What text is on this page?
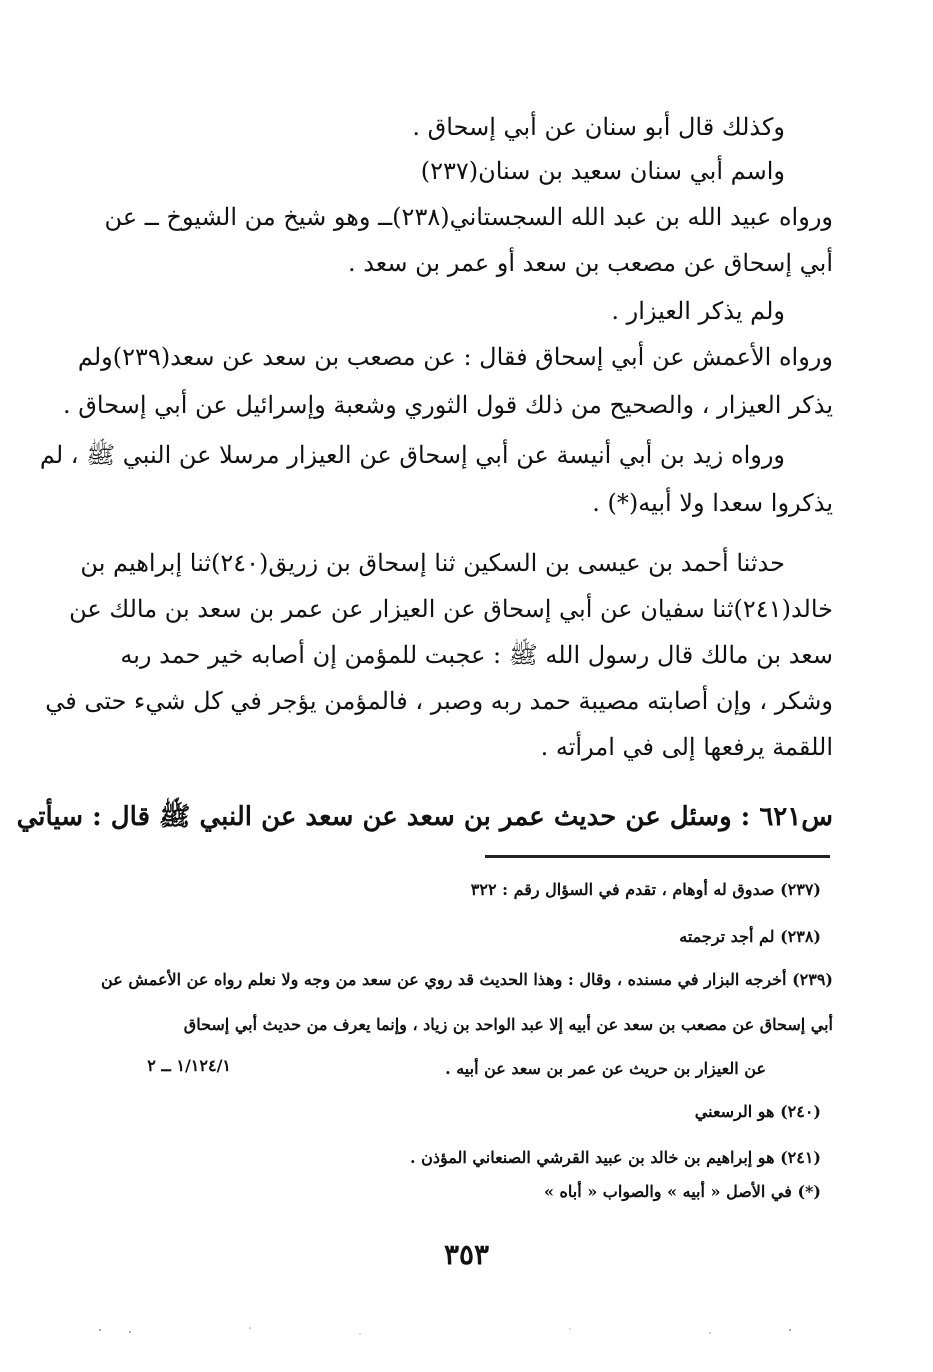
وكذلك قال أبو سنان عن أبي إسحاق .
واسم أبي سنان سعيد بن سنان(٢٣٧)
ورواه عبيد الله بن عبد الله السجستاني(٢٣٨)ــ وهو شيخ من الشيوخ ــ عن
أبي إسحاق عن مصعب بن سعد أو عمر بن سعد .
ولم يذكر العيزار .
ورواه الأعمش عن أبي إسحاق فقال : عن مصعب بن سعد عن سعد(٢٣٩)ولم
يذكر العيزار ، والصحيح من ذلك قول الثوري وشعبة وإسرائيل عن أبي إسحاق .
ورواه زيد بن أبي أنيسة عن أبي إسحاق عن العيزار مرسلا عن النبي ﷺ ، لم
يذكروا سعدا ولا أبيه(*) .
حدثنا أحمد بن عيسى بن السكين ثنا إسحاق بن زريق(٢٤٠)ثنا إبراهيم بن
خالد(٢٤١)ثنا سفيان عن أبي إسحاق عن العيزار عن عمر بن سعد بن مالك عن
سعد بن مالك قال رسول الله ﷺ : عجبت للمؤمن إن أصابه خير حمد ربه
وشكر ، وإن أصابته مصيبة حمد ربه وصبر ، فالمؤمن يؤجر في كل شيء حتى في
اللقمة يرفعها إلى في امرأته .
س٦٢١ : وسئل عن حديث عمر بن سعد عن سعد عن النبي ﷺ قال : سيأتي
(٢٣٧) صدوق له أوهام ، تقدم في السؤال رقم : ٣٢٢
(٢٣٨) لم أجد ترجمته
(٢٣٩) أخرجه البزار في مسنده ، وقال : وهذا الحديث قد روي عن سعد من وجه ولا نعلم رواه عن الأعمش عن
أبي إسحاق عن مصعب بن سعد عن أبيه إلا عبد الواحد بن زياد ، وإنما يعرف من حديث أبي إسحاق
عن العيزار بن حريث عن عمر بن سعد عن أبيه .
١/١٢٤/١ ــ ٢
(٢٤٠) هو الرسعني
(٢٤١) هو إبراهيم بن خالد بن عبيد القرشي الصنعاني المؤذن .
(*) في الأصل « أبيه » والصواب « أباه »
٣٥٣
